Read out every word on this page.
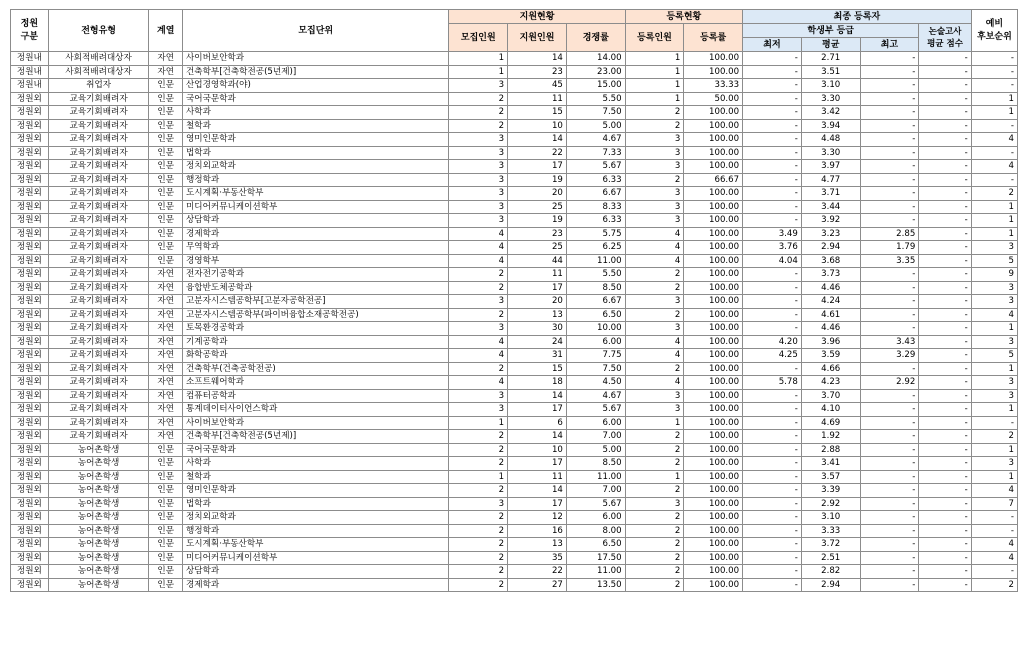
정원
구분	전형유형	계열	모집단위	지원현황			등록현황		최종 등록자				예비
후보순위
				모집인원	지원인원	경쟁률	등록인원	등록률	학생부 등급			논술고사
평균 점수	
									최저	평균	최고		
정원내	사회적배려대상자	자연	사이버보안학과	1	14	14.00	1	100.00	-	2.71	-	-	-
정원내	사회적배려대상자	자연	건축학부[건축학전공(5년제)]	1	23	23.00	1	100.00	-	3.51	-	-	-
정원내	취업자	인문	산업경영학과(야)	3	45	15.00	1	33.33	-	3.10	-	-	-
정원외	교육기회배려자	인문	국어국문학과	2	11	5.50	1	50.00	-	3.30	-	-	1
정원외	교육기회배려자	인문	사학과	2	15	7.50	2	100.00	-	3.42	-	-	1
정원외	교육기회배려자	인문	철학과	2	10	5.00	2	100.00	-	3.94	-	-	-
정원외	교육기회배려자	인문	영미인문학과	3	14	4.67	3	100.00	-	4.48	-	-	4
정원외	교육기회배려자	인문	법학과	3	22	7.33	3	100.00	-	3.30	-	-	-
정원외	교육기회배려자	인문	정치외교학과	3	17	5.67	3	100.00	-	3.97	-	-	4
정원외	교육기회배려자	인문	행정학과	3	19	6.33	2	66.67	-	4.77	-	-	-
정원외	교육기회배려자	인문	도시계획·부동산학부	3	20	6.67	3	100.00	-	3.71	-	-	2
정원외	교육기회배려자	인문	미디어커뮤니케이션학부	3	25	8.33	3	100.00	-	3.44	-	-	1
정원외	교육기회배려자	인문	상담학과	3	19	6.33	3	100.00	-	3.92	-	-	1
정원외	교육기회배려자	인문	경제학과	4	23	5.75	4	100.00	3.49	3.23	2.85	-	1
정원외	교육기회배려자	인문	무역학과	4	25	6.25	4	100.00	3.76	2.94	1.79	-	3
정원외	교육기회배려자	인문	경영학부	4	44	11.00	4	100.00	4.04	3.68	3.35	-	5
정원외	교육기회배려자	자연	전자전기공학과	2	11	5.50	2	100.00	-	3.73	-	-	9
정원외	교육기회배려자	자연	융합반도체공학과	2	17	8.50	2	100.00	-	4.46	-	-	3
정원외	교육기회배려자	자연	고분자시스템공학부[고분자공학전공]	3	20	6.67	3	100.00	-	4.24	-	-	3
정원외	교육기회배려자	자연	고분자시스템공학부(파이버융합소재공학전공)	2	13	6.50	2	100.00	-	4.61	-	-	4
정원외	교육기회배려자	자연	토목환경공학과	3	30	10.00	3	100.00	-	4.46	-	-	1
정원외	교육기회배려자	자연	기계공학과	4	24	6.00	4	100.00	4.20	3.96	3.43	-	3
정원외	교육기회배려자	자연	화학공학과	4	31	7.75	4	100.00	4.25	3.59	3.29	-	5
정원외	교육기회배려자	자연	건축학부(건축공학전공)	2	15	7.50	2	100.00	-	4.66	-	-	1
정원외	교육기회배려자	자연	소프트웨어학과	4	18	4.50	4	100.00	5.78	4.23	2.92	-	3
정원외	교육기회배려자	자연	컴퓨터공학과	3	14	4.67	3	100.00	-	3.70	-	-	3
정원외	교육기회배려자	자연	통계데이터사이언스학과	3	17	5.67	3	100.00	-	4.10	-	-	1
정원외	교육기회배려자	자연	사이버보안학과	1	6	6.00	1	100.00	-	4.69	-	-	-
정원외	교육기회배려자	자연	건축학부[건축학전공(5년제)]	2	14	7.00	2	100.00	-	1.92	-	-	2
정원외	농어촌학생	인문	국어국문학과	2	10	5.00	2	100.00	-	2.88	-	-	1
정원외	농어촌학생	인문	사학과	2	17	8.50	2	100.00	-	3.41	-	-	3
정원외	농어촌학생	인문	철학과	1	11	11.00	1	100.00	-	3.57	-	-	1
정원외	농어촌학생	인문	영미인문학과	2	14	7.00	2	100.00	-	3.39	-	-	4
정원외	농어촌학생	인문	법학과	3	17	5.67	3	100.00	-	2.92	-	-	7
정원외	농어촌학생	인문	정치외교학과	2	12	6.00	2	100.00	-	3.10	-	-	-
정원외	농어촌학생	인문	행정학과	2	16	8.00	2	100.00	-	3.33	-	-	-
정원외	농어촌학생	인문	도시계획·부동산학부	2	13	6.50	2	100.00	-	3.72	-	-	4
정원외	농어촌학생	인문	미디어커뮤니케이션학부	2	35	17.50	2	100.00	-	2.51	-	-	4
정원외	농어촌학생	인문	상담학과	2	22	11.00	2	100.00	-	2.82	-	-	-
정원외	농어촌학생	인문	경제학과	2	27	13.50	2	100.00	-	2.94	-	-	2
